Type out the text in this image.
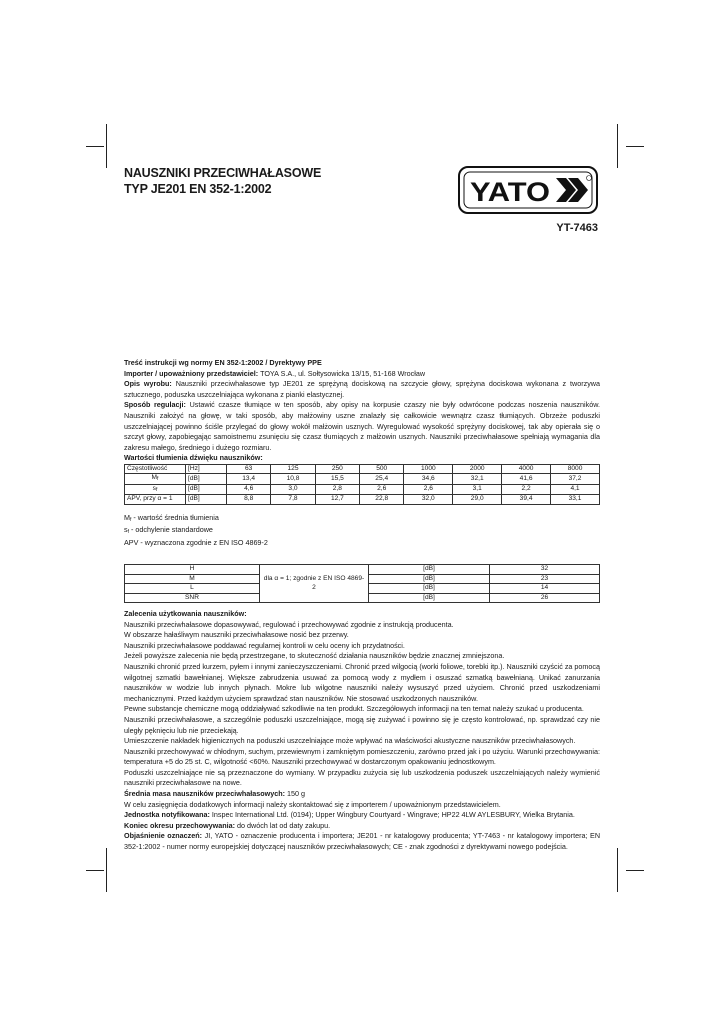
NAUSZNIKI PRZECIWHAŁASOWE
TYP JE201 EN 352-1:2002	YATO
YT-7463

Treść instrukcji wg normy EN 352-1:2002 / Dyrektywy PPE

Importer / upoważniony przedstawiciel: TOYA S.A., ul. Sołtysowicka 13/15, 51-168 Wrocław

Opis wyrobu: Nauszniki przeciwhałasowe typ JE201 ze sprężyną dociskową na szczycie głowy, sprężyna dociskowa wykonana z tworzywa sztucznego, poduszka uszczelniająca wykonana z pianki elastycznej.

Sposób regulacji: Ustawić czasze tłumiące w ten sposób, aby opisy na korpusie czaszy nie były odwrócone podczas noszenia nauszników. Nauszniki założyć na głowę, w taki sposób, aby małżowiny uszne znalazły się całkowicie wewnątrz czasz tłumiących. Obrzeże poduszki uszczelniającej powinno ściśle przylegać do głowy wokół małżowin usznych. Wyregulować wysokość sprężyny dociskowej, tak aby opierała się o szczyt głowy, zapobiegając samoistnemu zsunięciu się czasz tłumiących z małżowin usznych. Nauszniki przeciwhałasowe spełniają wymagania dla zakresu małego, średniego i dużego rozmiaru.

Wartości tłumienia dźwięku nauszników:

Częstotliwość	[Hz]	63	125	250	500	1000	2000	4000	8000
$M_f$	[dB]	13,4	10,8	15,5	25,4	34,6	32,1	41,6	37,2
$s_f$	[dB]	4,6	3,0	2,8	2,6	2,6	3,1	2,2	4,1
APV, przy α = 1	[dB]	8,8	7,8	12,7	22,8	32,0	29,0	39,4	33,1

$M_f$ - wartość średnia tłumienia

$s_f$ - odchylenie standardowe

APV - wyznaczona zgodnie z EN ISO 4869-2

H	dla α = 1; zgodnie z EN ISO 4869-2	[dB]	32
M		[dB]	23
L		[dB]	14
SNR		[dB]	26

Zalecenia użytkowania nauszników:

Nauszniki przeciwhałasowe dopasowywać, regulować i przechowywać zgodnie z instrukcją producenta.

W obszarze hałaśliwym nauszniki przeciwhałasowe nosić bez przerwy.

Nauszniki przeciwhałasowe poddawać regularnej kontroli w celu oceny ich przydatności.

Jeżeli powyższe zalecenia nie będą przestrzegane, to skuteczność działania nauszników będzie znacznej zmniejszona.

Nauszniki chronić przed kurzem, pyłem i innymi zanieczyszczeniami. Chronić przed wilgocią (worki foliowe, torebki itp.). Nauszniki czyścić za pomocą wilgotnej szmatki bawełnianej. Większe zabrudzenia usuwać za pomocą wody z mydłem i osuszać szmatką bawełnianą. Unikać zanurzania nauszników w wodzie lub innych płynach. Mokre lub wilgotne nauszniki należy wysuszyć przed użyciem. Chronić przed uszkodzeniami mechanicznymi. Przed każdym użyciem sprawdzać stan nauszników. Nie stosować uszkodzonych nauszników.

Pewne substancje chemiczne mogą oddziaływać szkodliwie na ten produkt. Szczegółowych informacji na ten temat należy szukać u producenta.

Nauszniki przeciwhałasowe, a szczególnie poduszki uszczelniające, mogą się zużywać i powinno się je często kontrolować, np. sprawdzać czy nie uległy pęknięciu lub nie przeciekają.

Umieszczenie nakładek higienicznych na poduszki uszczelniające może wpływać na właściwości akustyczne nauszników przeciwhałasowych.

Nauszniki przechowywać w chłodnym, suchym, przewiewnym i zamkniętym pomieszczeniu, zarówno przed jak i po użyciu. Warunki przechowywania: temperatura +5 do 25 st. C, wilgotność <60%. Nauszniki przechowywać w dostarczonym opakowaniu jednostkowym.

Poduszki uszczelniające nie są przeznaczone do wymiany. W przypadku zużycia się lub uszkodzenia poduszek uszczelniających należy wymienić nauszniki przeciwhałasowe na nowe.

Średnia masa nauszników przeciwhałasowych: 150 g

W celu zasięgnięcia dodatkowych informacji należy skontaktować się z importerem / upoważnionym przedstawicielem.

Jednostka notyfikowana: Inspec International Ltd. (0194); Upper Wingbury Courtyard - Wingrave; HP22 4LW AYLESBURY, Wielka Brytania.

Koniec okresu przechowywania: do dwóch lat od daty zakupu.

Objaśnienie oznaczeń: JI, YATO - oznaczenie producenta i importera; JE201 - nr katalogowy producenta; YT-7463 - nr katalogowy importera; EN 352-1:2002 - numer normy europejskiej dotyczącej nauszników przeciwhałasowych; CE - znak zgodności z dyrektywami nowego podejścia.
